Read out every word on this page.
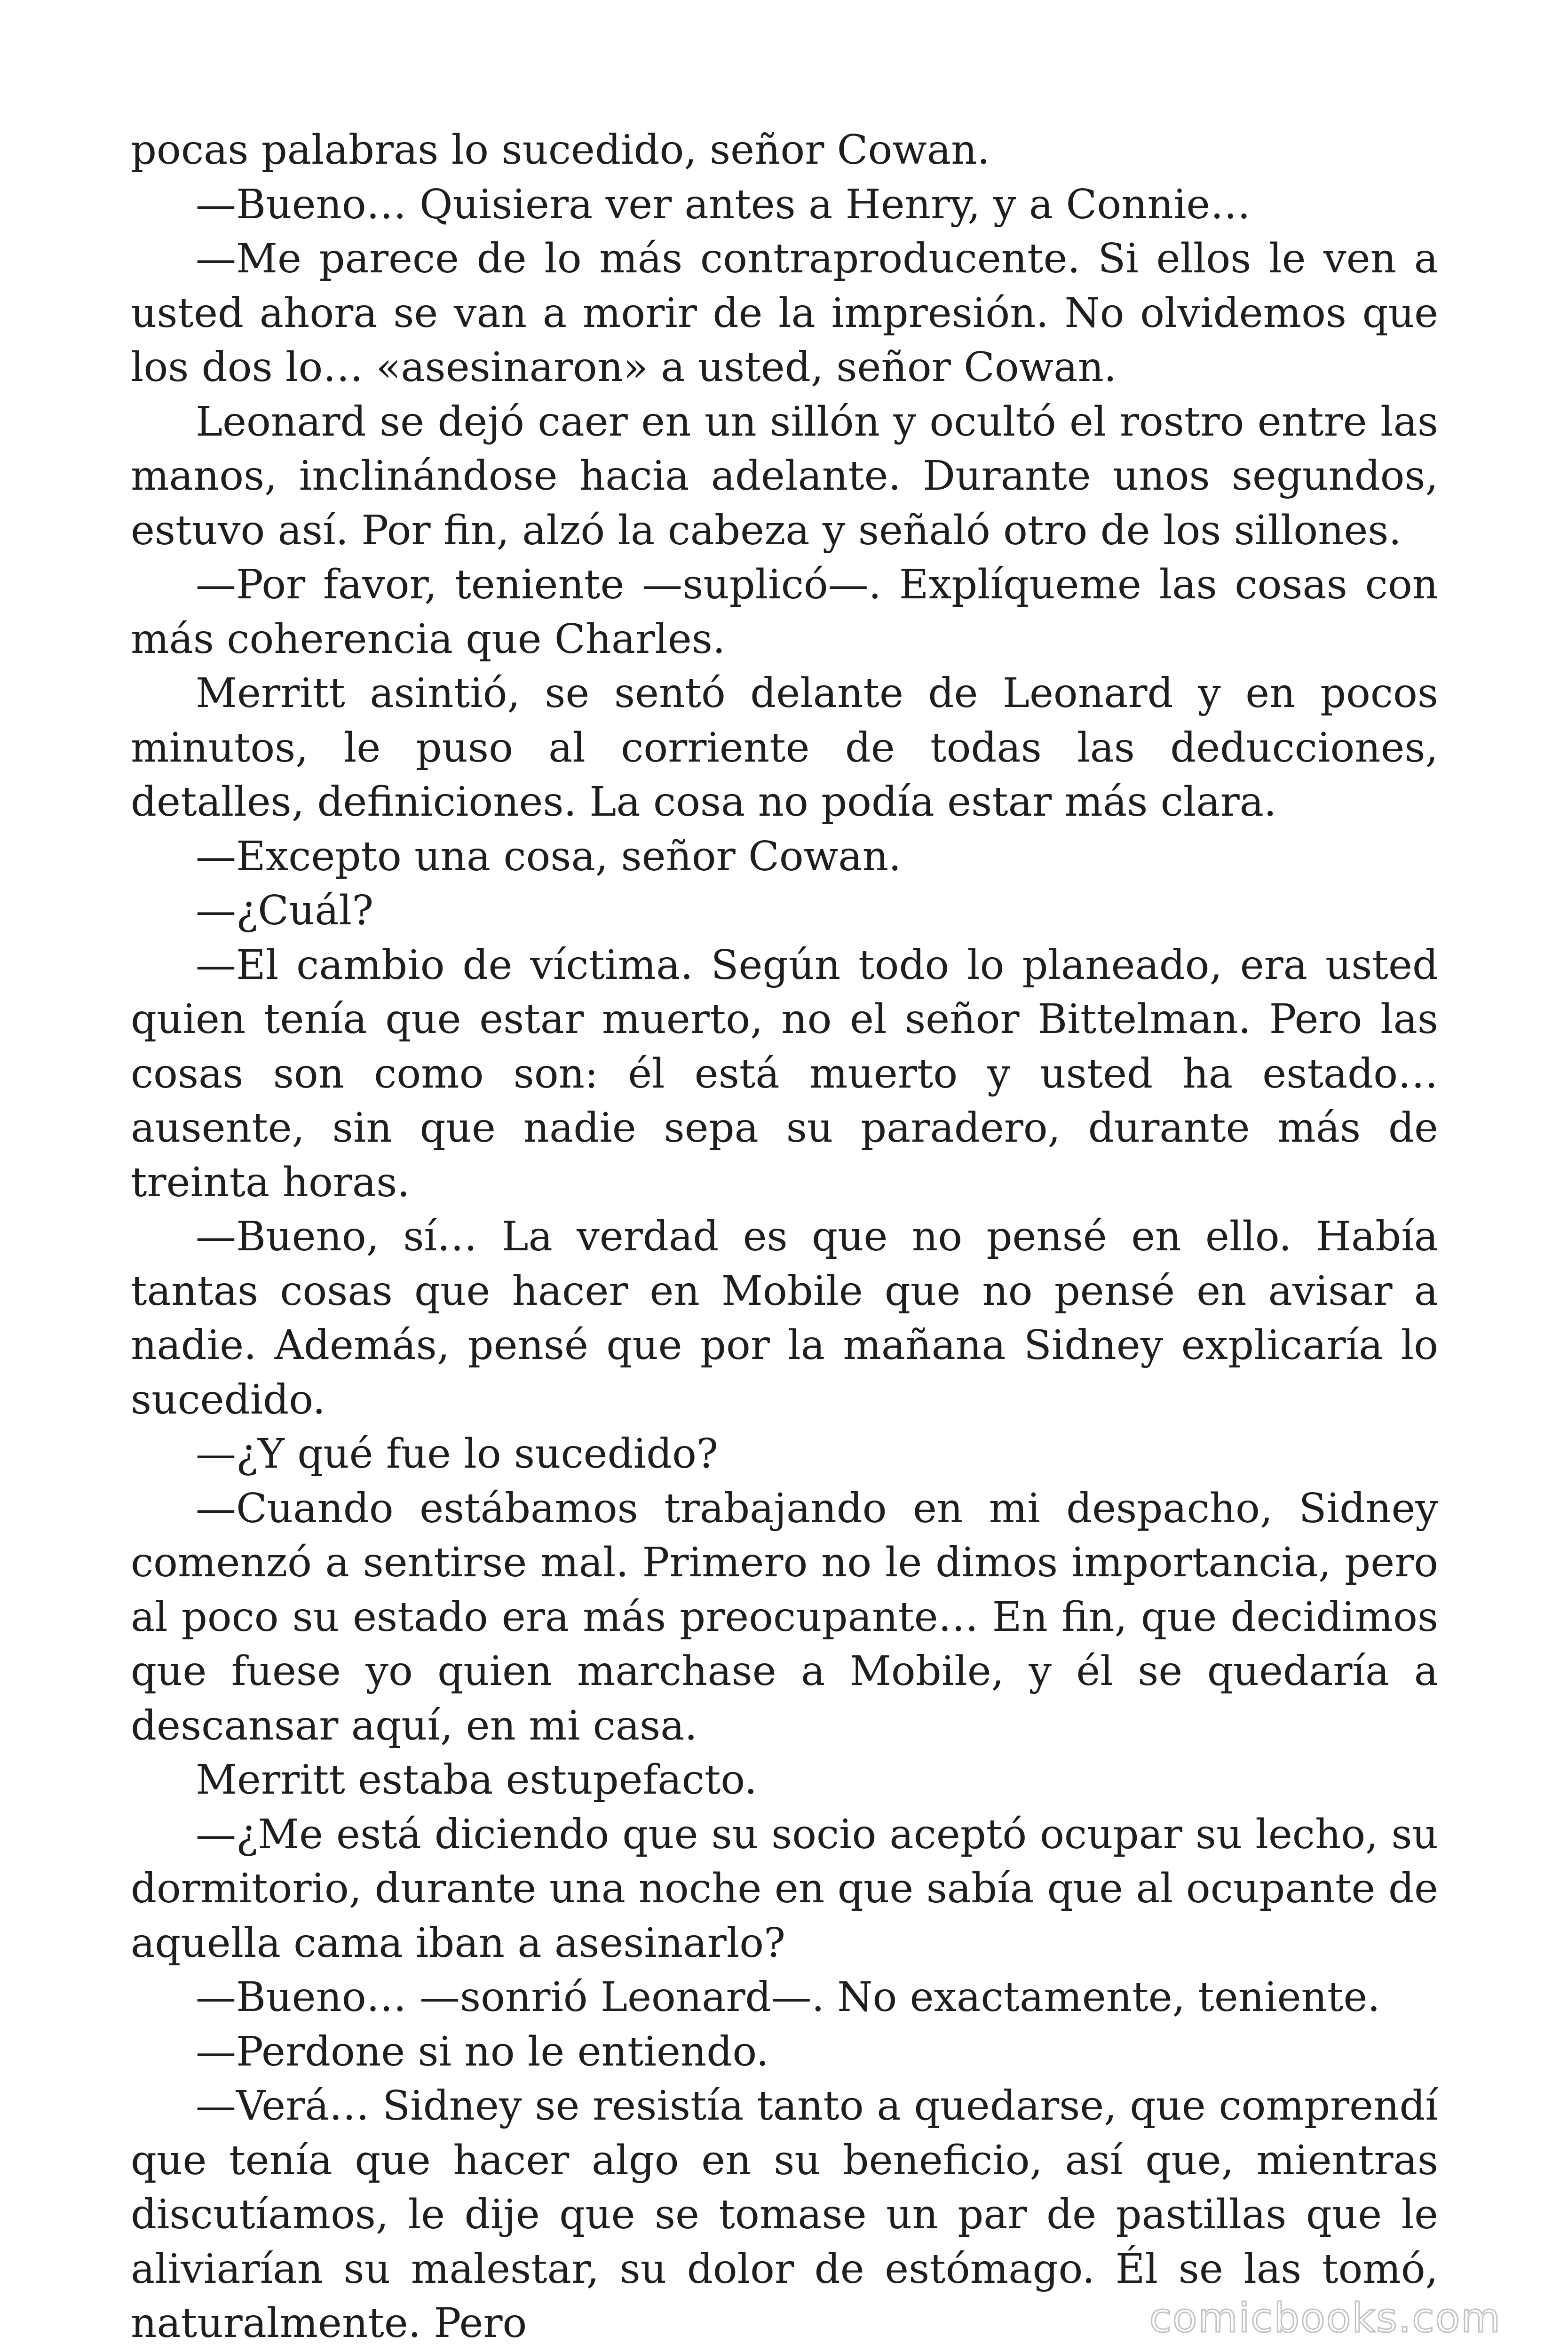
pocas palabras lo sucedido, señor Cowan.

—Bueno… Quisiera ver antes a Henry, y a Connie…

—Me parece de lo más contraproducente. Si ellos le ven a usted ahora se van a morir de la impresión. No olvidemos que los dos lo… «asesinaron» a usted, señor Cowan.

Leonard se dejó caer en un sillón y ocultó el rostro entre las manos, inclinándose hacia adelante. Durante unos segundos, estuvo así. Por fin, alzó la cabeza y señaló otro de los sillones.

—Por favor, teniente —suplicó—. Explíqueme las cosas con más coherencia que Charles.

Merritt asintió, se sentó delante de Leonard y en pocos minutos, le puso al corriente de todas las deducciones, detalles, definiciones. La cosa no podía estar más clara.

—Excepto una cosa, señor Cowan.

—¿Cuál?

—El cambio de víctima. Según todo lo planeado, era usted quien tenía que estar muerto, no el señor Bittelman. Pero las cosas son como son: él está muerto y usted ha estado… ausente, sin que nadie sepa su paradero, durante más de treinta horas.

—Bueno, sí… La verdad es que no pensé en ello. Había tantas cosas que hacer en Mobile que no pensé en avisar a nadie. Además, pensé que por la mañana Sidney explicaría lo sucedido.

—¿Y qué fue lo sucedido?

—Cuando estábamos trabajando en mi despacho, Sidney comenzó a sentirse mal. Primero no le dimos importancia, pero al poco su estado era más preocupante… En fin, que decidimos que fuese yo quien marchase a Mobile, y él se quedaría a descansar aquí, en mi casa.

Merritt estaba estupefacto.

—¿Me está diciendo que su socio aceptó ocupar su lecho, su dormitorio, durante una noche en que sabía que al ocupante de aquella cama iban a asesinarlo?

—Bueno… —sonrió Leonard—. No exactamente, teniente.

—Perdone si no le entiendo.

—Verá… Sidney se resistía tanto a quedarse, que comprendí que tenía que hacer algo en su beneficio, así que, mientras discutíamos, le dije que se tomase un par de pastillas que le aliviarían su malestar, su dolor de estómago. Él se las tomó, naturalmente. Pero	comicbooks.com
